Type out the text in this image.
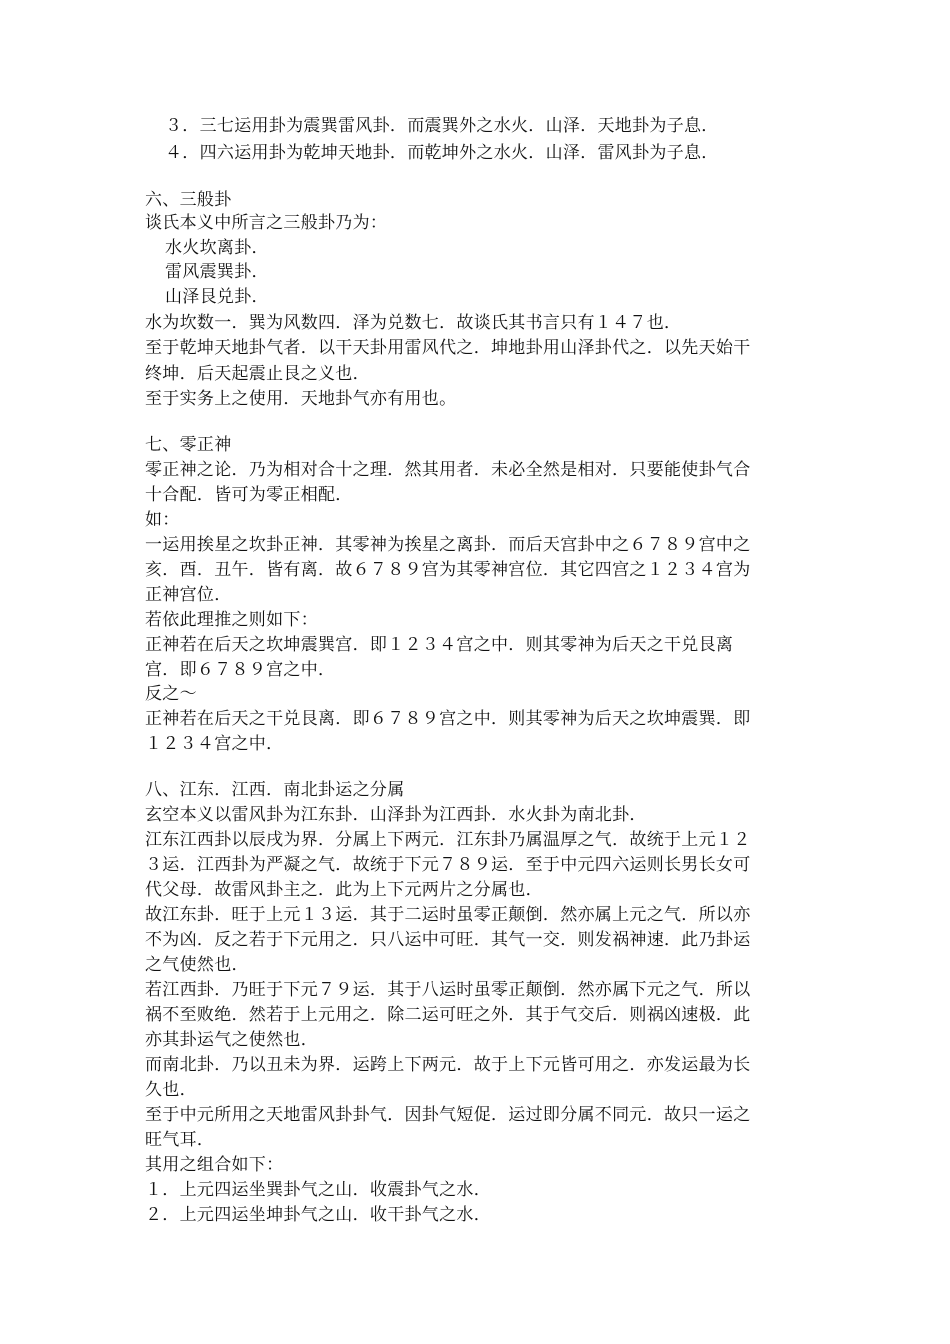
３．三七运用卦为震巽雷风卦．而震巽外之水火．山泽．天地卦为子息．
４．四六运用卦为乾坤天地卦．而乾坤外之水火．山泽．雷风卦为子息．
六、三般卦
谈氏本义中所言之三般卦乃为：
水火坎离卦．
雷风震巽卦．
山泽艮兑卦．
水为坎数一．巽为风数四．泽为兑数七．故谈氏其书言只有１４７也．
至于乾坤天地卦气者．以干天卦用雷风代之．坤地卦用山泽卦代之．以先天始干
终坤．后天起震止艮之义也．
至于实务上之使用．天地卦气亦有用也。
七、零正神
零正神之论．乃为相对合十之理．然其用者．未必全然是相对．只要能使卦气合
十合配．皆可为零正相配．
如：
一运用挨星之坎卦正神．其零神为挨星之离卦．而后天宫卦中之６７８９宫中之
亥．酉．丑午．皆有离．故６７８９宫为其零神宫位．其它四宫之１２３４宫为
正神宫位．
若依此理推之则如下：
正神若在后天之坎坤震巽宫．即１２３４宫之中．则其零神为后天之干兑艮离
宫．即６７８９宫之中．
反之～
正神若在后天之干兑艮离．即６７８９宫之中．则其零神为后天之坎坤震巽．即
１２３４宫之中．
八、江东．江西．南北卦运之分属
玄空本义以雷风卦为江东卦．山泽卦为江西卦．水火卦为南北卦．
江东江西卦以辰戌为界．分属上下两元．江东卦乃属温厚之气．故统于上元１２
３运．江西卦为严凝之气．故统于下元７８９运．至于中元四六运则长男长女可
代父母．故雷风卦主之．此为上下元两片之分属也．
故江东卦．旺于上元１３运．其于二运时虽零正颠倒．然亦属上元之气．所以亦
不为凶．反之若于下元用之．只八运中可旺．其气一交．则发祸神速．此乃卦运
之气使然也．
若江西卦．乃旺于下元７９运．其于八运时虽零正颠倒．然亦属下元之气．所以
祸不至败绝．然若于上元用之．除二运可旺之外．其于气交后．则祸凶速极．此
亦其卦运气之使然也．
而南北卦．乃以丑未为界．运跨上下两元．故于上下元皆可用之．亦发运最为长
久也．
至于中元所用之天地雷风卦卦气．因卦气短促．运过即分属不同元．故只一运之
旺气耳．
其用之组合如下：
１．上元四运坐巽卦气之山．收震卦气之水．
２．上元四运坐坤卦气之山．收干卦气之水．
